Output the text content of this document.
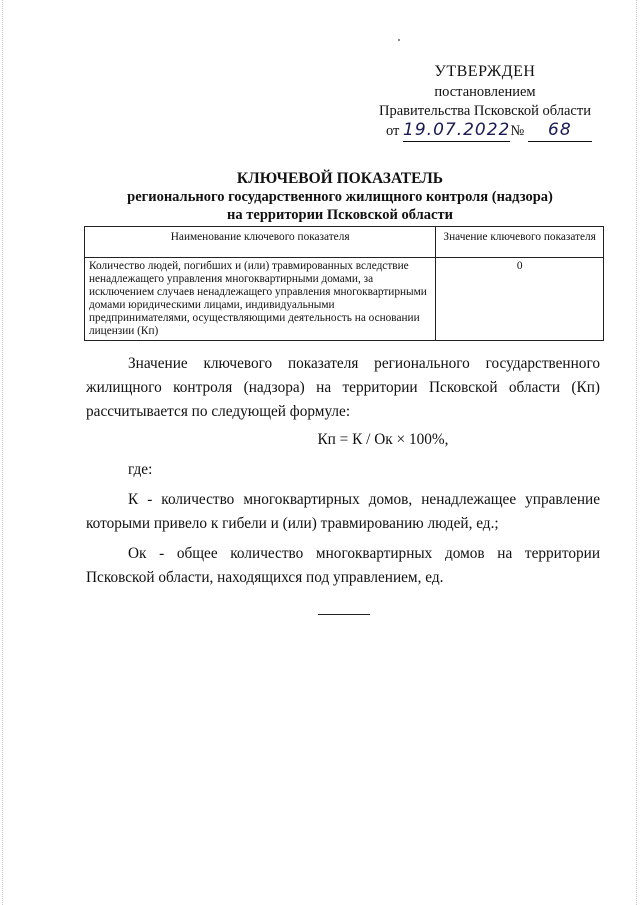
УТВЕРЖДЕН
постановлением
Правительства Псковской области
от 19.07.2022№ 68
КЛЮЧЕВОЙ ПОКАЗАТЕЛЬ
регионального государственного жилищного контроля (надзора)
на территории Псковской области
Наименование ключевого показателя	Значение ключевого показателя
Количество людей, погибших и (или) травмированных вследствие ненадлежащего управления многоквартирными домами, за исключением случаев ненадлежащего управления многоквартирными домами юридическими лицами, индивидуальными предпринимателями, осуществляющими деятельность на основании лицензии (Кп)	0

Значение ключевого показателя регионального государственного жилищного контроля (надзора) на территории Псковской области (Кп) рассчитывается по следующей формуле:

Кп = К / Ок × 100%,

где:

К - количество многоквартирных домов, ненадлежащее управление которыми привело к гибели и (или) травмированию людей, ед.;

Ок - общее количество многоквартирных домов на территории Псковской области, находящихся под управлением, ед.
